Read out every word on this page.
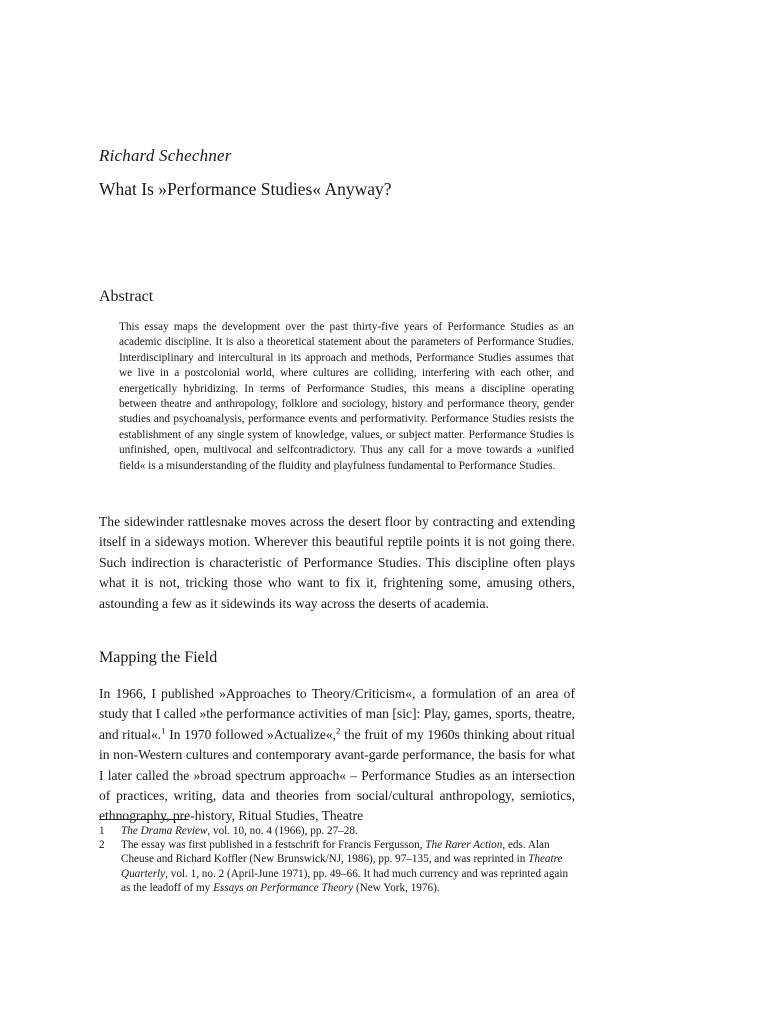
Richard Schechner
What Is »Performance Studies« Anyway?
Abstract

This essay maps the development over the past thirty-five years of Performance Studies as an academic discipline. It is also a theoretical statement about the parameters of Performance Studies. Interdisciplinary and intercultural in its approach and methods, Performance Studies assumes that we live in a postcolonial world, where cultures are colliding, interfering with each other, and energetically hybridizing. In terms of Performance Studies, this means a discipline operating between theatre and anthropology, folklore and sociology, history and performance theory, gender studies and psychoanalysis, performance events and performativity. Performance Studies resists the establishment of any single system of knowledge, values, or subject matter. Performance Studies is unfinished, open, multivocal and selfcontradictory. Thus any call for a move towards a »unified field« is a misunderstanding of the fluidity and playfulness fundamental to Performance Studies.

The sidewinder rattlesnake moves across the desert floor by contracting and extending itself in a sideways motion. Wherever this beautiful reptile points it is not going there. Such indirection is characteristic of Performance Studies. This discipline often plays what it is not, tricking those who want to fix it, frightening some, amusing others, astounding a few as it sidewinds its way across the deserts of academia.

Mapping the Field

In 1966, I published »Approaches to Theory/Criticism«, a formulation of an area of study that I called »the performance activities of man [sic]: Play, games, sports, theatre, and ritual«.$^1$ In 1970 followed »Actualize«,$^2$ the fruit of my 1960s thinking about ritual in non-Western cultures and contemporary avant-garde performance, the basis for what I later called the »broad spectrum approach« – Performance Studies as an intersection of practices, writing, data and theories from social/cultural anthropology, semiotics, ethnography, pre-history, Ritual Studies, Theatre

1	The Drama Review, vol. 10, no. 4 (1966), pp. 27–28.
2	The essay was first published in a festschrift for Francis Fergusson, The Rarer Action, eds. Alan Cheuse and Richard Koffler (New Brunswick/NJ, 1986), pp. 97–135, and was reprinted in Theatre Quarterly, vol. 1, no. 2 (April-June 1971), pp. 49–66. It had much currency and was reprinted again as the leadoff of my Essays on Performance Theory (New York, 1976).
